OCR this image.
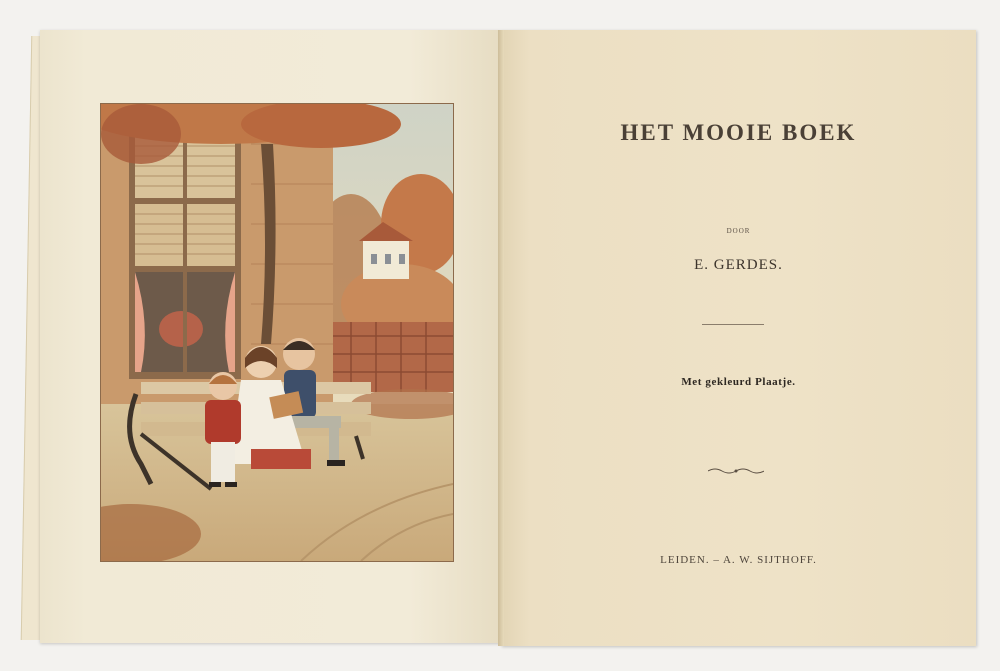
HET MOOIE BOEK
DOOR
E. GERDES.
Met gekleurd Plaatje.
LEIDEN. – A. W. SIJTHOFF.
